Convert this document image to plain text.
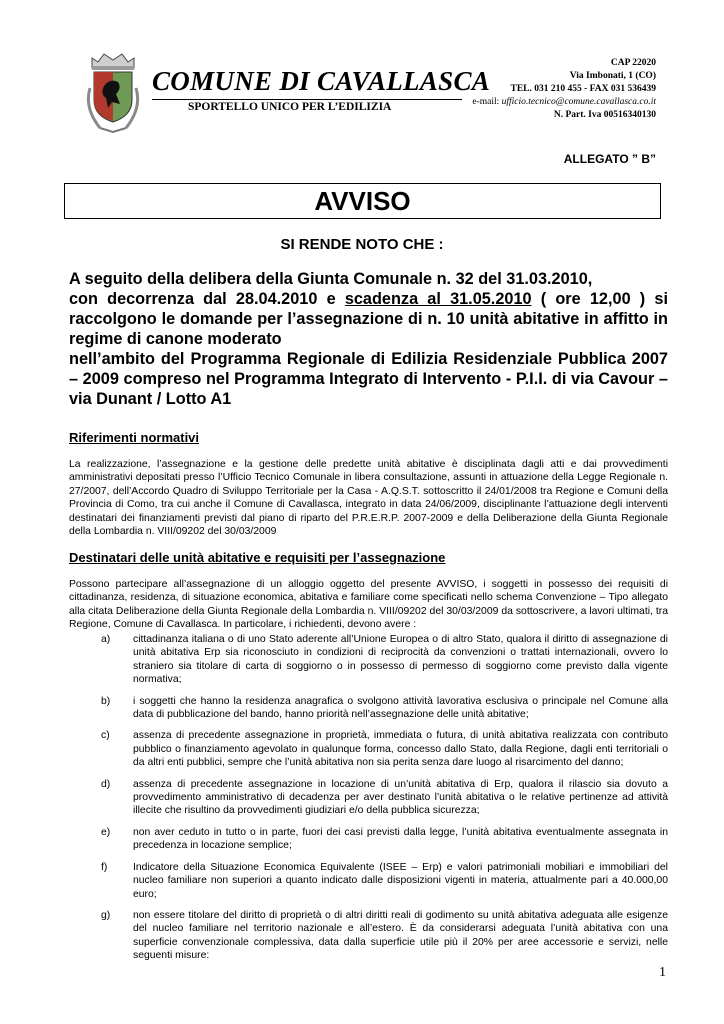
COMUNE DI CAVALLASCA
SPORTELLO UNICO PER L’EDILIZIA
CAP 22020
Via Imbonati, 1 (CO)
TEL. 031 210 455 - FAX 031 536439
e-mail: ufficio.tecnico@comune.cavallasca.co.it
N. Part. Iva 00516340130
ALLEGATO ” B”
AVVISO
SI RENDE NOTO CHE :

A seguito della delibera della Giunta Comunale n. 32 del 31.03.2010,

con decorrenza dal 28.04.2010 e scadenza al 31.05.2010 ( ore 12,00 ) si raccolgono le domande per l’assegnazione di n. 10 unità abitative in affitto in regime di canone moderato

nell’ambito del Programma Regionale di Edilizia Residenziale Pubblica 2007 – 2009 compreso nel Programma Integrato di Intervento - P.I.I. di via Cavour – via Dunant / Lotto A1

Riferimenti normativi

La realizzazione, l’assegnazione e la gestione delle predette unità abitative è disciplinata dagli atti e dai provvedimenti amministrativi depositati presso l’Ufficio Tecnico Comunale in libera consultazione, assunti in attuazione della Legge Regionale n. 27/2007, dell’Accordo Quadro di Sviluppo Territoriale per la Casa - A.Q.S.T. sottoscritto il 24/01/2008 tra Regione e Comuni della Provincia di Como, tra cui anche il Comune di Cavallasca, integrato in data 24/06/2009, disciplinante l’attuazione degli interventi destinatari dei finanziamenti previsti dal piano di riparto del P.R.E.R.P. 2007-2009 e della Deliberazione della Giunta Regionale della Lombardia n. VIII/09202 del 30/03/2009

Destinatari delle unità abitative e requisiti per l’assegnazione

Possono partecipare all’assegnazione di un alloggio oggetto del presente AVVISO, i soggetti in possesso dei requisiti di cittadinanza, residenza, di situazione economica, abitativa e familiare come specificati nello schema Convenzione – Tipo allegato alla citata Deliberazione della Giunta Regionale della Lombardia n. VIII/09202 del 30/03/2009 da sottoscrivere, a lavori ultimati, tra Regione, Comune di Cavallasca. In particolare, i richiedenti, devono avere :

a) cittadinanza italiana o di uno Stato aderente all’Unione Europea o di altro Stato, qualora il diritto di assegnazione di unità abitativa Erp sia riconosciuto in condizioni di reciprocità da convenzioni o trattati internazionali, ovvero lo straniero sia titolare di carta di soggiorno o in possesso di permesso di soggiorno come previsto dalla vigente normativa;
b) i soggetti che hanno la residenza anagrafica o svolgono attività lavorativa esclusiva o principale nel Comune alla data di pubblicazione del bando, hanno priorità nell’assegnazione delle unità abitative;
c) assenza di precedente assegnazione in proprietà, immediata o futura, di unità abitativa realizzata con contributo pubblico o finanziamento agevolato in qualunque forma, concesso dallo Stato, dalla Regione, dagli enti territoriali o da altri enti pubblici, sempre che l’unità abitativa non sia perita senza dare luogo al risarcimento del danno;
d) assenza di precedente assegnazione in locazione di un’unità abitativa di Erp, qualora il rilascio sia dovuto a provvedimento amministrativo di decadenza per aver destinato l’unità abitativa o le relative pertinenze ad attività illecite che risultino da provvedimenti giudiziari e/o della pubblica sicurezza;
e) non aver ceduto in tutto o in parte, fuori dei casi previsti dalla legge, l’unità abitativa eventualmente assegnata in precedenza in locazione semplice;
f) Indicatore della Situazione Economica Equivalente (ISEE – Erp) e valori patrimoniali mobiliari e immobiliari del nucleo familiare non superiori a quanto indicato dalle disposizioni vigenti in materia, attualmente pari a 40.000,00 euro;
g) non essere titolare del diritto di proprietà o di altri diritti reali di godimento su unità abitativa adeguata alle esigenze del nucleo familiare nel territorio nazionale e all’estero. È da considerarsi adeguata l’unità abitativa con una superficie convenzionale complessiva, data dalla superficie utile più il 20% per aree accessorie e servizi, nelle seguenti misure:
1
